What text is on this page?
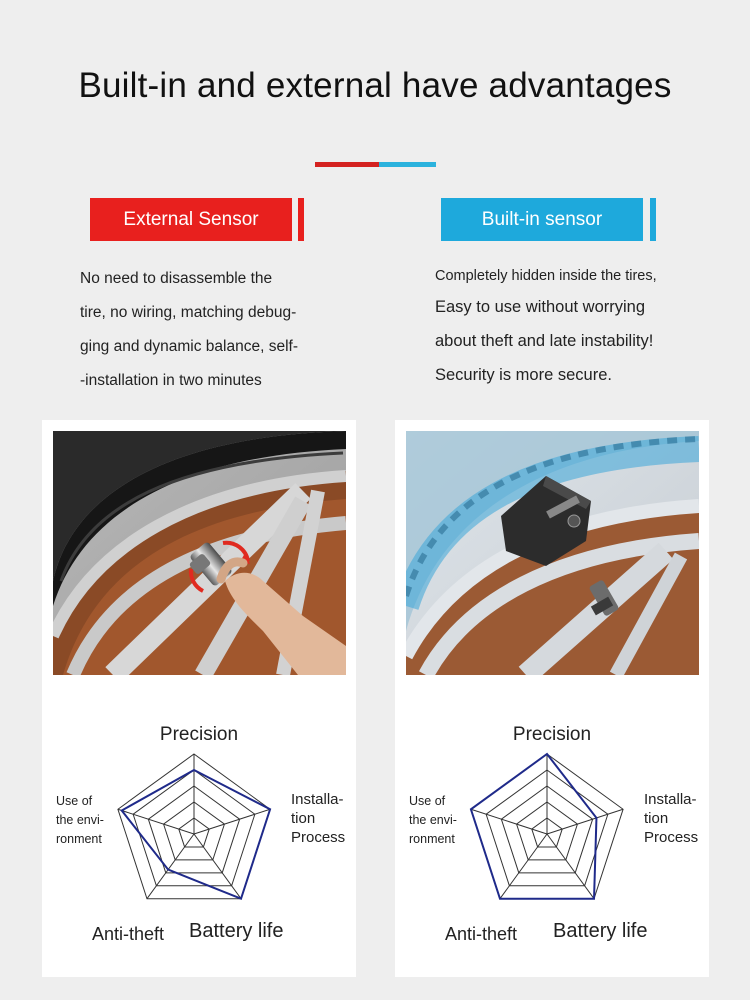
Built-in and external have advantages
External Sensor	Built-in sensor
No need to disassemble the
tire, no wiring, matching debug-
ging and dynamic balance, self-
-installation in two minutes
Completely hidden inside the tires,
Easy to use without worrying
about theft and late instability!
Security is more secure.
Precision
Installa-
tion
Process
Use of
the envi-
ronment
Anti-theft Battery life
Precision
Installa-
tion
Process
Use of
the envi-
ronment
Anti-theft Battery life
